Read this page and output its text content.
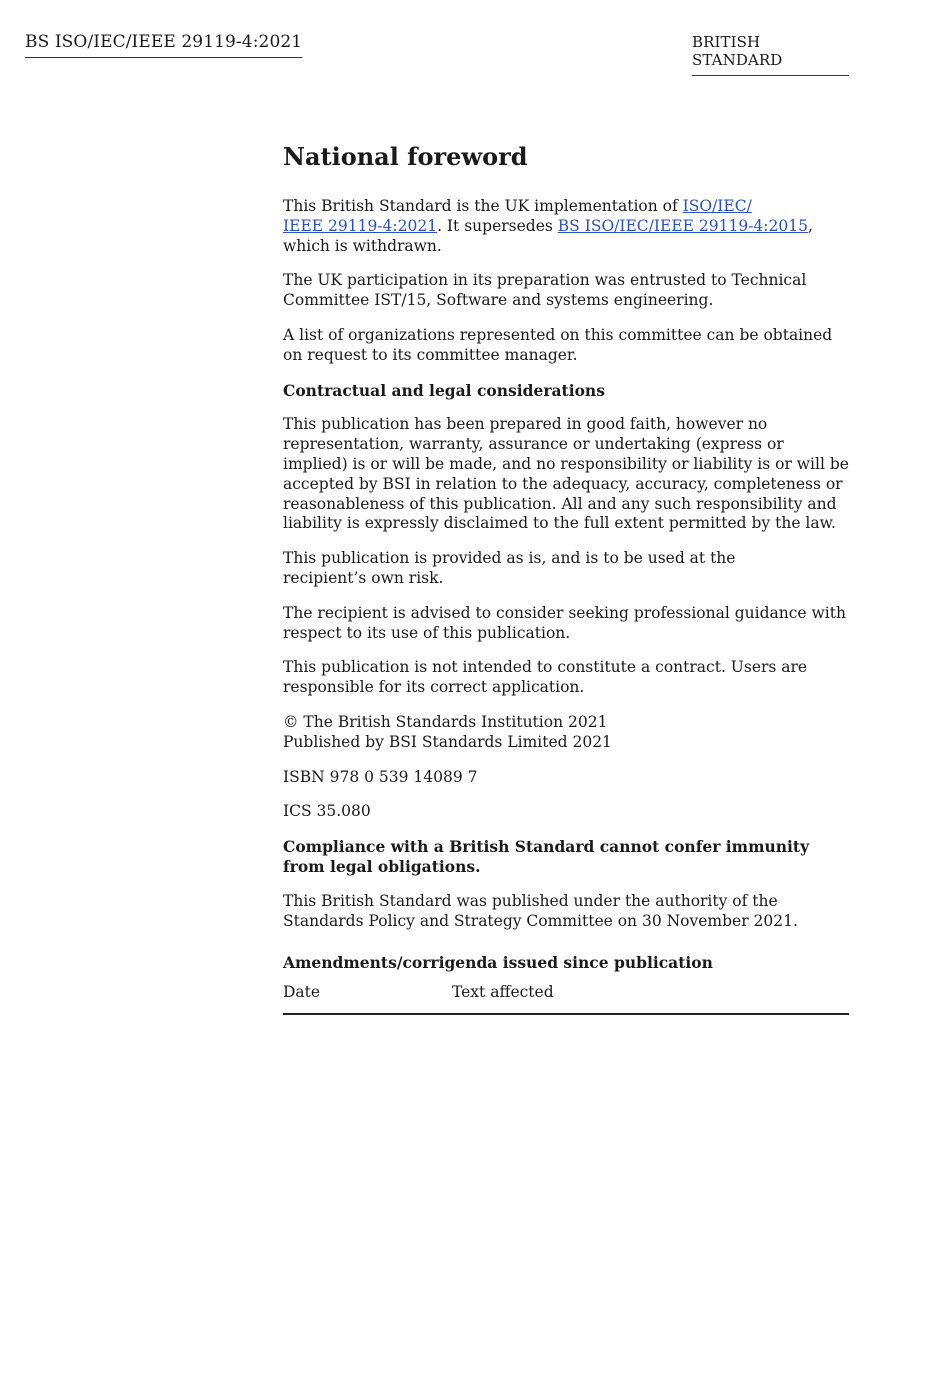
BS ISO/IEC/IEEE 29119-4:2021	BRITISH STANDARD
National foreword

This British Standard is the UK implementation of ISO/IEC/
IEEE 29119-4:2021. It supersedes BS ISO/IEC/IEEE 29119-4:2015, which is withdrawn.

The UK participation in its preparation was entrusted to Technical Committee IST/15, Software and systems engineering.

A list of organizations represented on this committee can be obtained on request to its committee manager.

Contractual and legal considerations

This publication has been prepared in good faith, however no representation, warranty, assurance or undertaking (express or implied) is or will be made, and no responsibility or liability is or will be accepted by BSI in relation to the adequacy, accuracy, completeness or reasonableness of this publication. All and any such responsibility and liability is expressly disclaimed to the full extent permitted by the law.

This publication is provided as is, and is to be used at the
recipient’s own risk.

The recipient is advised to consider seeking professional guidance with respect to its use of this publication.

This publication is not intended to constitute a contract. Users are responsible for its correct application.

© The British Standards Institution 2021
Published by BSI Standards Limited 2021

ISBN 978 0 539 14089 7

ICS 35.080

Compliance with a British Standard cannot confer immunity from legal obligations.

This British Standard was published under the authority of the Standards Policy and Strategy Committee on 30 November 2021.

Amendments/corrigenda issued since publication
Date	Text affected
